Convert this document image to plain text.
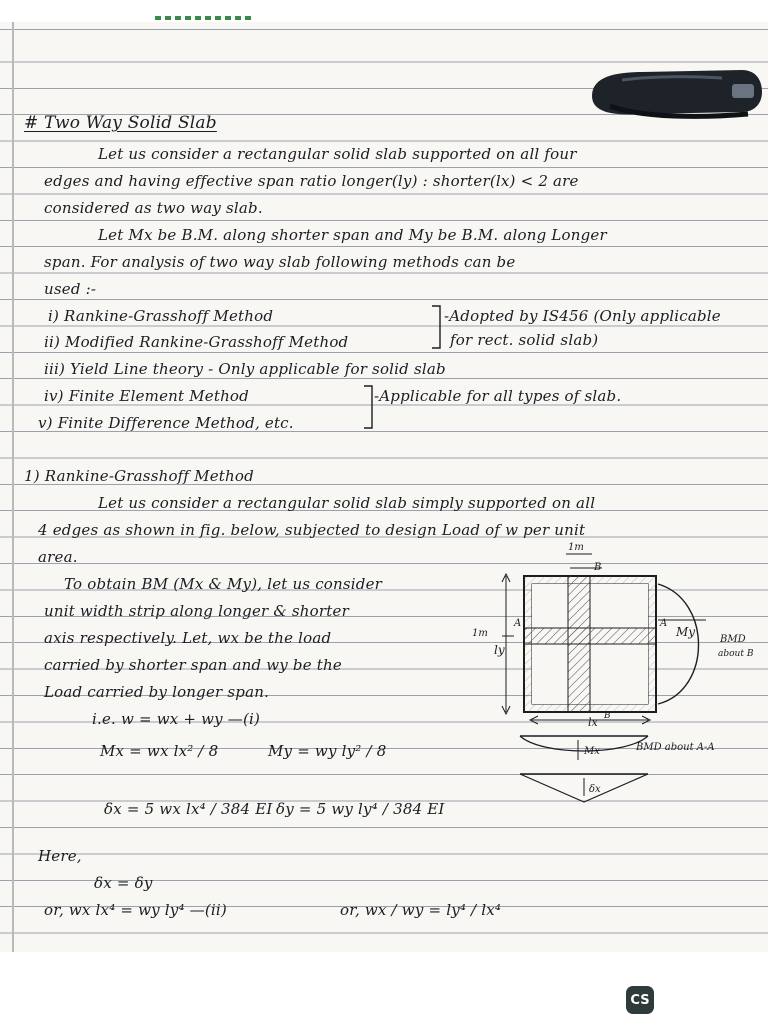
# Two Way Solid Slab
Let us consider a rectangular solid slab supported on all four
edges and having effective span ratio longer(ly) : shorter(lx) < 2 are
considered as two way slab.
Let Mx be B.M. along shorter span and My be B.M. along Longer
span. For analysis of two way slab following methods can be
used :-
i) Rankine-Grasshoff Method
ii) Modified Rankine-Grasshoff Method
iii) Yield Line theory - Only applicable for solid slab
iv) Finite Element Method
v) Finite Difference Method, etc.
-Adopted by IS456 (Only applicable
for rect. solid slab)
-Applicable for all types of slab.
1) Rankine-Grasshoff Method
Let us consider a rectangular solid slab simply supported on all
4 edges as shown in fig. below, subjected to design Load of w per unit
area.
To obtain BM (Mx & My), let us consider
unit width strip along longer & shorter
axis respectively. Let, wx be the load
carried by shorter span and wy be the
Load carried by longer span.
i.e. w = wx + wy —(i)
Mx = wx lx² / 8	My = wy ly² / 8
δx = 5 wx lx⁴ / 384 EI δy = 5 wy ly⁴ / 384 EI
Here,
δx = δy
or, wx lx⁴ = wy ly⁴ —(ii)	or, wx / wy = ly⁴ / lx⁴
1m
B
1m
ly
A	A
My
BMD
about B
lx B
Mx	BMD about A-A
δx
CS
